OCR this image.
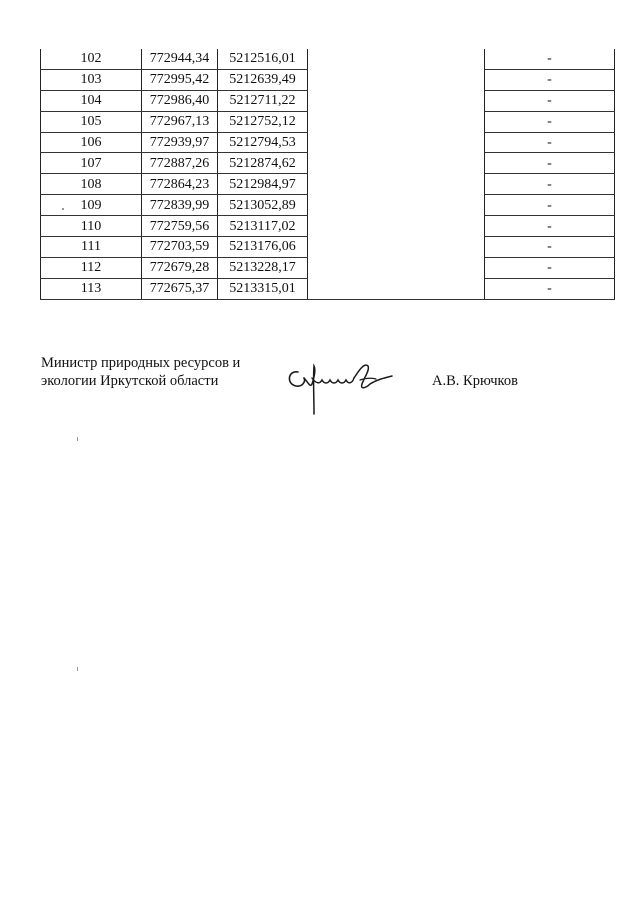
102	772944,34	5212516,01		-
103	772995,42	5212639,49		-
104	772986,40	5212711,22		-
105	772967,13	5212752,12		-
106	772939,97	5212794,53		-
107	772887,26	5212874,62		-
108	772864,23	5212984,97		-
109	772839,99	5213052,89		-
110	772759,56	5213117,02		-
111	772703,59	5213176,06		-
112	772679,28	5213228,17		-
113	772675,37	5213315,01		-
Министр природных ресурсов и
экологии Иркутской области	А.В. Крючков
